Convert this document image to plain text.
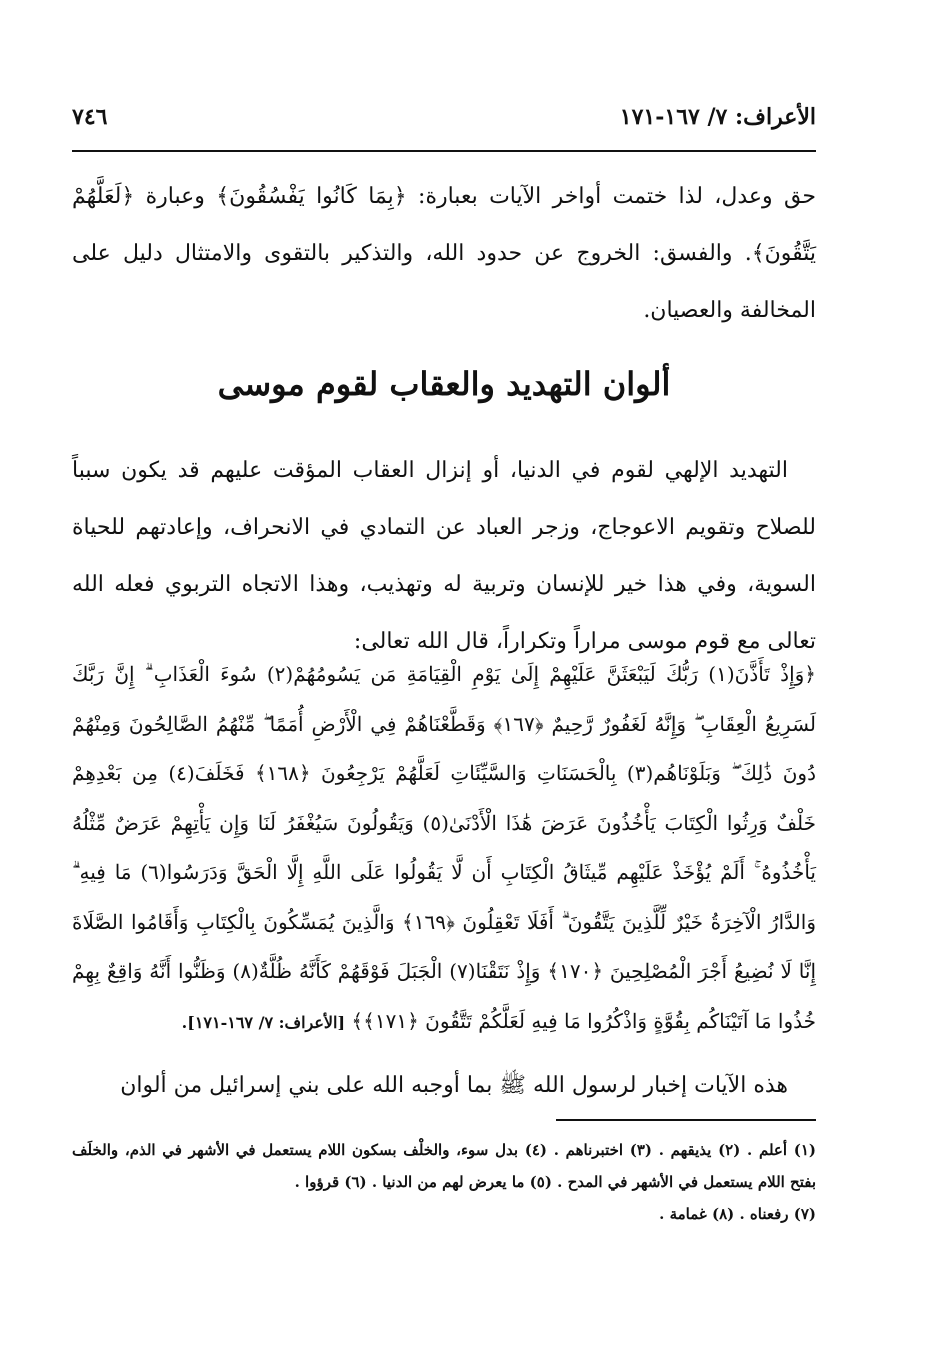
الأعراف: ٧/ ١٦٧-١٧١
٧٤٦

حق وعدل، لذا ختمت أواخر الآيات بعبارة: ﴿بِمَا كَانُوا يَفْسُقُونَ﴾ وعبارة ﴿لَعَلَّهُمْ يَتَّقُونَ﴾. والفسق: الخروج عن حدود الله، والتذكير بالتقوى والامتثال دليل على المخالفة والعصيان.

ألوان التهديد والعقاب لقوم موسى

التهديد الإلهي لقوم في الدنيا، أو إنزال العقاب المؤقت عليهم قد يكون سبباً للصلاح وتقويم الاعوجاج، وزجر العباد عن التمادي في الانحراف، وإعادتهم للحياة السوية، وفي هذا خير للإنسان وتربية له وتهذيب، وهذا الاتجاه التربوي فعله الله تعالى مع قوم موسى مراراً وتكراراً، قال الله تعالى:

﴿وَإِذْ تَأَذَّنَ(١) رَبُّكَ لَيَبْعَثَنَّ عَلَيْهِمْ إِلَىٰ يَوْمِ الْقِيَامَةِ مَن يَسُومُهُمْ(٢) سُوءَ الْعَذَابِ ۗ إِنَّ رَبَّكَ لَسَرِيعُ الْعِقَابِ ۖ وَإِنَّهُ لَغَفُورٌ رَّحِيمٌ ﴿١٦٧﴾ وَقَطَّعْنَاهُمْ فِي الْأَرْضِ أُمَمًا ۖ مِّنْهُمُ الصَّالِحُونَ وَمِنْهُمْ دُونَ ذَٰلِكَ ۖ وَبَلَوْنَاهُم(٣) بِالْحَسَنَاتِ وَالسَّيِّئَاتِ لَعَلَّهُمْ يَرْجِعُونَ ﴿١٦٨﴾ فَخَلَفَ(٤) مِن بَعْدِهِمْ خَلْفٌ وَرِثُوا الْكِتَابَ يَأْخُذُونَ عَرَضَ هَٰذَا الْأَدْنَىٰ(٥) وَيَقُولُونَ سَيُغْفَرُ لَنَا وَإِن يَأْتِهِمْ عَرَضٌ مِّثْلُهُ يَأْخُذُوهُ ۚ أَلَمْ يُؤْخَذْ عَلَيْهِم مِّيثَاقُ الْكِتَابِ أَن لَّا يَقُولُوا عَلَى اللَّهِ إِلَّا الْحَقَّ وَدَرَسُوا(٦) مَا فِيهِ ۗ وَالدَّارُ الْآخِرَةُ خَيْرٌ لِّلَّذِينَ يَتَّقُونَ ۗ أَفَلَا تَعْقِلُونَ ﴿١٦٩﴾ وَالَّذِينَ يُمَسِّكُونَ بِالْكِتَابِ وَأَقَامُوا الصَّلَاةَ إِنَّا لَا نُضِيعُ أَجْرَ الْمُصْلِحِينَ ﴿١٧٠﴾ وَإِذْ نَتَقْنَا(٧) الْجَبَلَ فَوْقَهُمْ كَأَنَّهُ ظُلَّةٌ(٨) وَظَنُّوا أَنَّهُ وَاقِعٌ بِهِمْ خُذُوا مَا آتَيْنَاكُم بِقُوَّةٍ وَاذْكُرُوا مَا فِيهِ لَعَلَّكُمْ تَتَّقُونَ ﴿١٧١﴾﴾ [الأعراف: ٧/ ١٦٧-١٧١].

هذه الآيات إخبار لرسول الله ﷺ بما أوجبه الله على بني إسرائيل من ألوان

(١) أعلم . (٢) يذيقهم . (٣) اختبرناهم . (٤) بدل سوء، والخلْف بسكون اللام يستعمل في الأشهر في الذم، والخلَف بفتح اللام يستعمل في الأشهر في المدح . (٥) ما يعرض لهم من الدنيا . (٦) قرؤوا .
(٧) رفعناه . (٨) غمامة .
